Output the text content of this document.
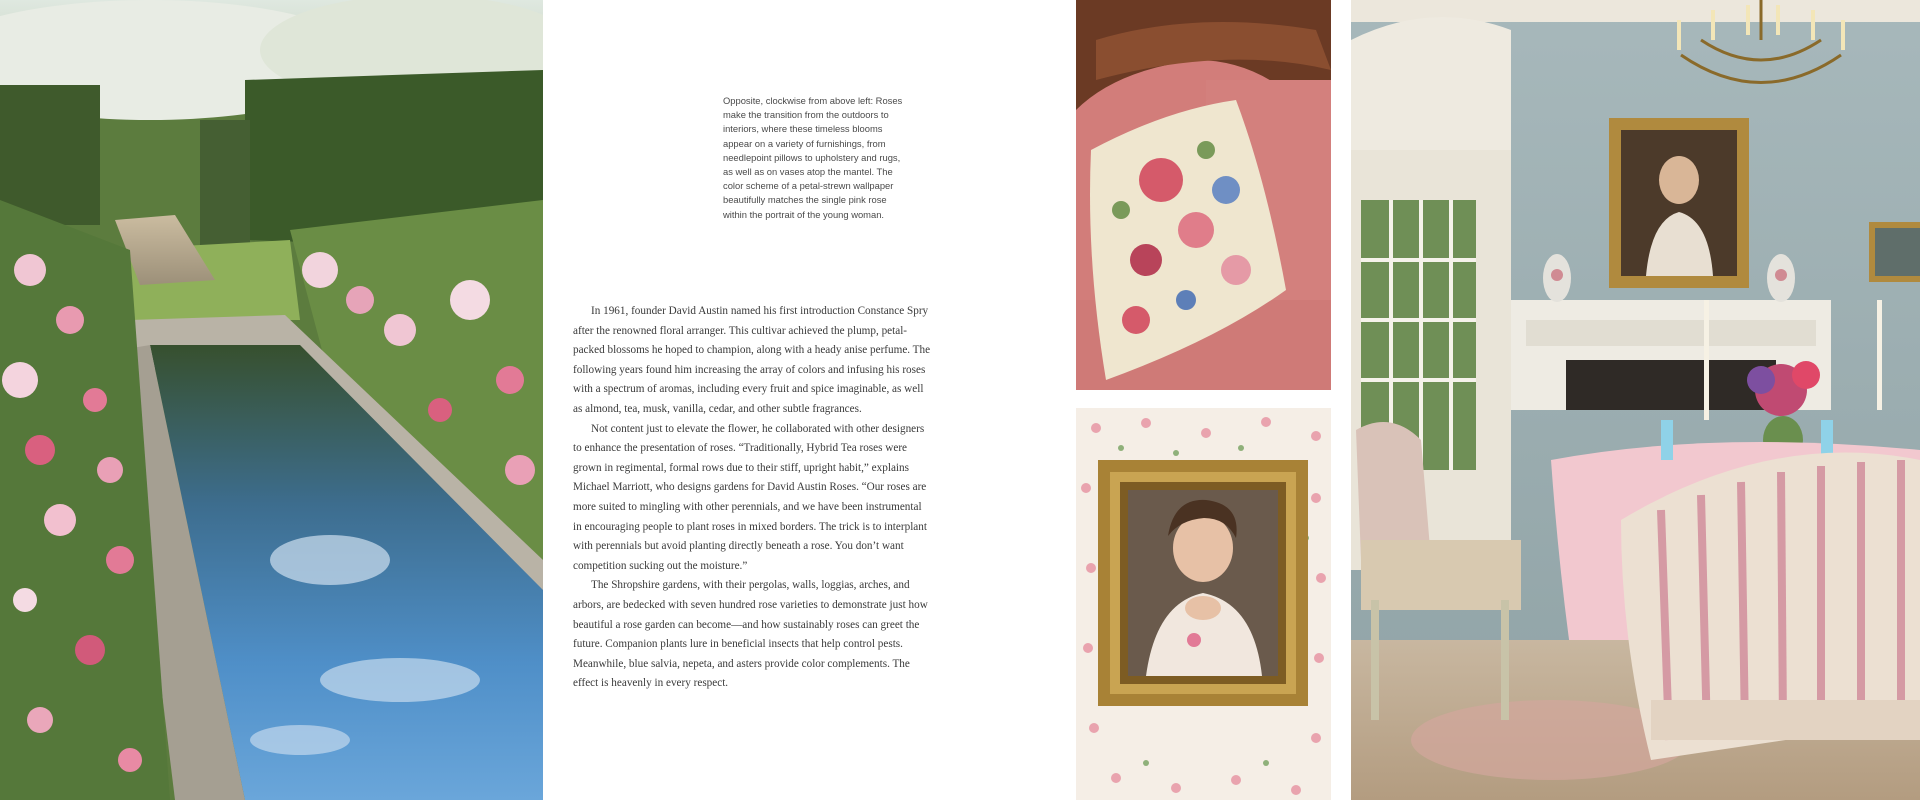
Opposite, clockwise from above left: Roses make the transition from the outdoors to interiors, where these timeless blooms appear on a variety of furnishings, from needlepoint pillows to upholstery and rugs, as well as on vases atop the mantel. The color scheme of a petal-strewn wallpaper beautifully matches the single pink rose within the portrait of the young woman.

In 1961, founder David Austin named his first introduction Constance Spry after the renowned floral arranger. This cultivar achieved the plump, petal-packed blossoms he hoped to champion, along with a heady anise perfume. The following years found him increasing the array of colors and infusing his roses with a spectrum of aromas, including every fruit and spice imaginable, as well as almond, tea, musk, vanilla, cedar, and other subtle fragrances.

Not content just to elevate the flower, he collaborated with other designers to enhance the presentation of roses. “Traditionally, Hybrid Tea roses were grown in regimental, formal rows due to their stiff, upright habit,” explains Michael Marriott, who designs gardens for David Austin Roses. “Our roses are more suited to mingling with other perennials, and we have been instrumental in encouraging people to plant roses in mixed borders. The trick is to interplant with perennials but avoid planting directly beneath a rose. You don’t want competition sucking out the moisture.”

The Shropshire gardens, with their pergolas, walls, loggias, arches, and arbors, are bedecked with seven hundred rose varieties to demonstrate just how beautiful a rose garden can become—and how sustainably roses can greet the future. Companion plants lure in beneficial insects that help control pests. Meanwhile, blue salvia, nepeta, and asters provide color complements. The effect is heavenly in every respect.
